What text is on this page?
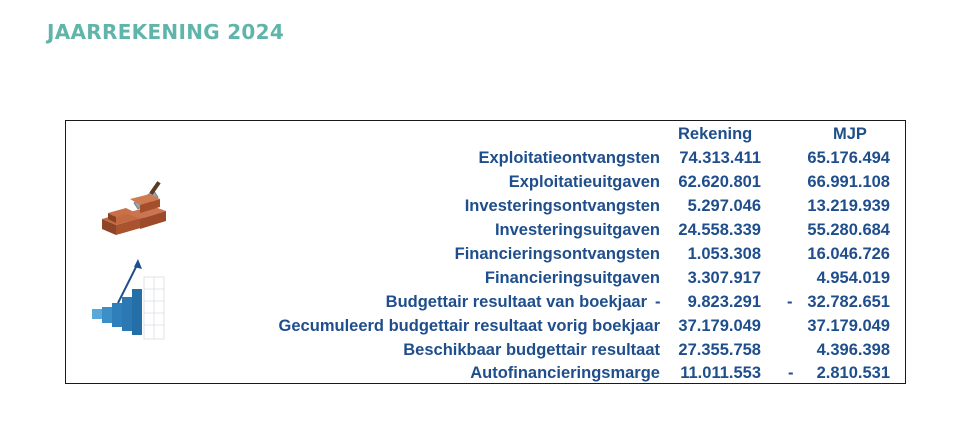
JAARREKENING 2024
Rekening	MJP
Exploitatieontvangsten 74.313.411	65.176.494
Exploitatieuitgaven 62.620.801	66.991.108
Investeringsontvangsten 5.297.046	13.219.939
Investeringsuitgaven 24.558.339	55.280.684
Financieringsontvangsten 1.053.308	16.046.726
Financieringsuitgaven 3.307.917	4.954.019
Budgettair resultaat van boekjaar - 9.823.291 - 32.782.651
Gecumuleerd budgettair resultaat vorig boekjaar 37.179.049	37.179.049
Beschikbaar budgettair resultaat 27.355.758	4.396.398
Autofinancieringsmarge 11.011.553 - 2.810.531
